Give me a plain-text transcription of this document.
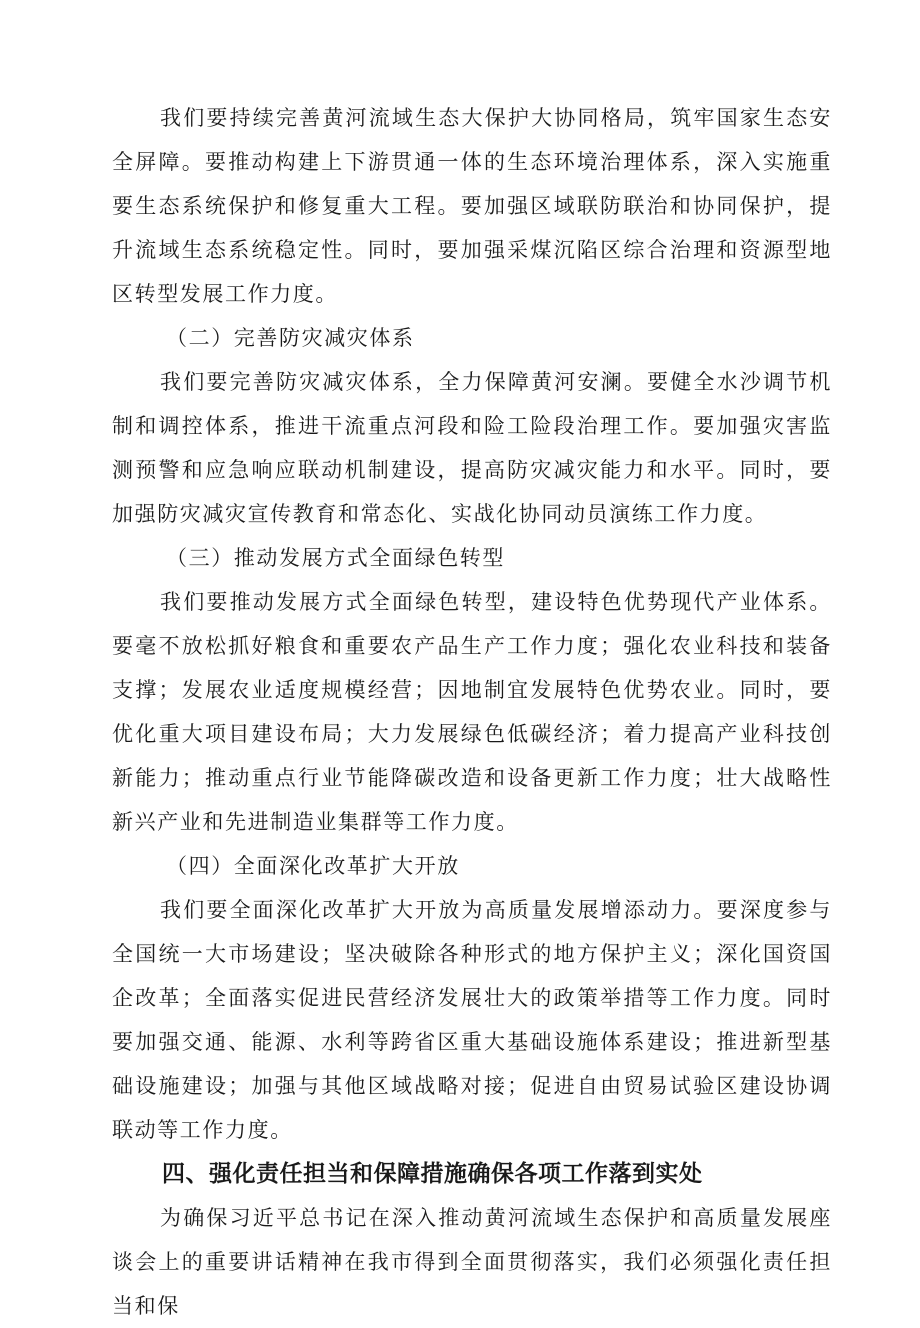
我们要持续完善黄河流域生态大保护大协同格局，筑牢国家生态安全屏障。要推动构建上下游贯通一体的生态环境治理体系，深入实施重要生态系统保护和修复重大工程。要加强区域联防联治和协同保护，提升流域生态系统稳定性。同时，要加强采煤沉陷区综合治理和资源型地区转型发展工作力度。

（二）完善防灾减灾体系

我们要完善防灾减灾体系，全力保障黄河安澜。要健全水沙调节机制和调控体系，推进干流重点河段和险工险段治理工作。要加强灾害监测预警和应急响应联动机制建设，提高防灾减灾能力和水平。同时，要加强防灾减灾宣传教育和常态化、实战化协同动员演练工作力度。

（三）推动发展方式全面绿色转型

我们要推动发展方式全面绿色转型，建设特色优势现代产业体系。要毫不放松抓好粮食和重要农产品生产工作力度；强化农业科技和装备支撑；发展农业适度规模经营；因地制宜发展特色优势农业。同时，要优化重大项目建设布局；大力发展绿色低碳经济；着力提高产业科技创新能力；推动重点行业节能降碳改造和设备更新工作力度；壮大战略性新兴产业和先进制造业集群等工作力度。

（四）全面深化改革扩大开放

我们要全面深化改革扩大开放为高质量发展增添动力。要深度参与全国统一大市场建设；坚决破除各种形式的地方保护主义；深化国资国企改革；全面落实促进民营经济发展壮大的政策举措等工作力度。同时要加强交通、能源、水利等跨省区重大基础设施体系建设；推进新型基础设施建设；加强与其他区域战略对接；促进自由贸易试验区建设协调联动等工作力度。

四、强化责任担当和保障措施确保各项工作落到实处

为确保习近平总书记在深入推动黄河流域生态保护和高质量发展座谈会上的重要讲话精神在我市得到全面贯彻落实，我们必须强化责任担当和保
